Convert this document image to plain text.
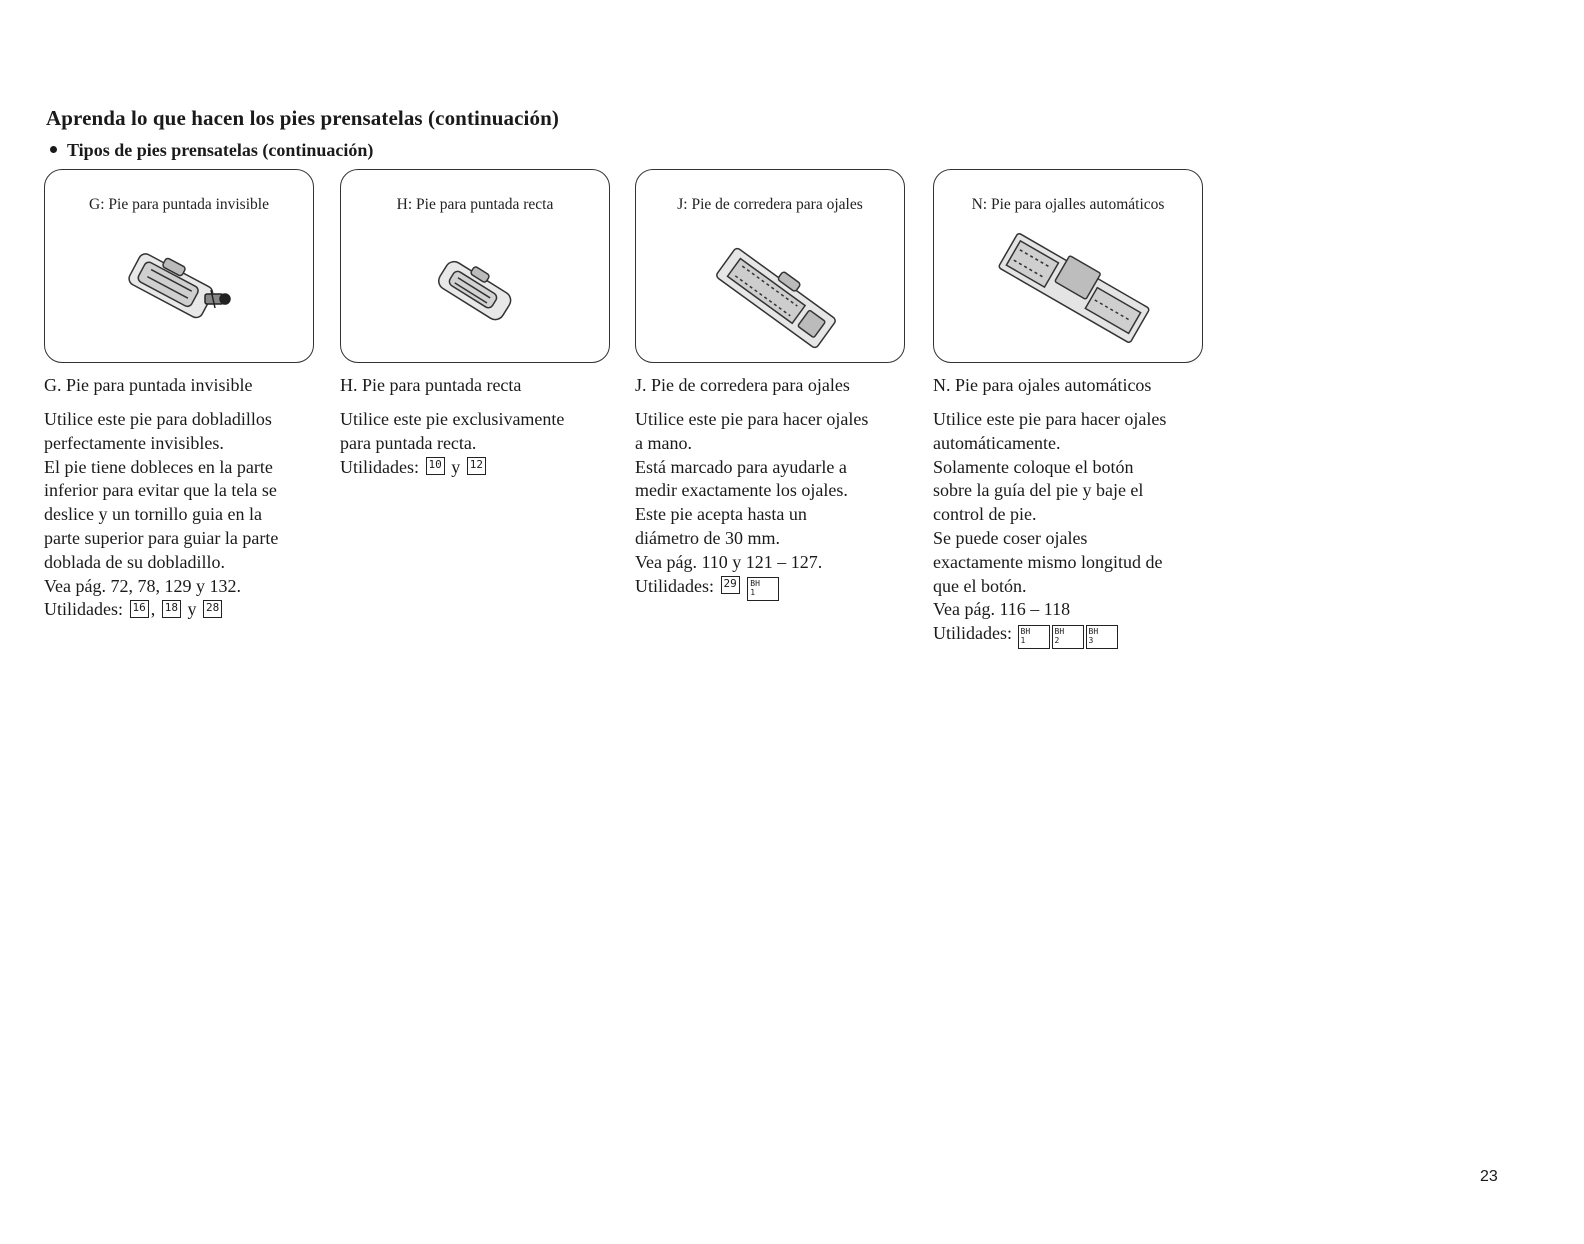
Aprenda lo que hacen los pies prensatelas (continuación)
Tipos de pies prensatelas (continuación)
G: Pie para puntada invisible
G. Pie para puntada invisible

Utilice este pie para dobladillos

perfectamente invisibles.

El pie tiene dobleces en la parte

inferior para evitar que la tela se

deslice y un tornillo guia en la

parte superior para guiar la parte

doblada de su dobladillo.

Vea pág. 72, 78, 129 y 132.

Utilidades: 16 , 18 y 28

H: Pie para puntada recta
H. Pie para puntada recta

Utilice este pie exclusivamente

para puntada recta.

Utilidades: 10 y 12

J: Pie de corredera para ojales
J. Pie de corredera para ojales

Utilice este pie para hacer ojales

a mano.

Está marcado para ayudarle a

medir exactamente los ojales.

Este pie acepta hasta un

diámetro de 30 mm.

Vea pág. 110 y 121 – 127.

Utilidades: 29 BH
1

N: Pie para ojalles automáticos
N. Pie para ojales automáticos

Utilice este pie para hacer ojales

automáticamente.

Solamente coloque el botón

sobre la guía del pie y baje el

control de pie.

Se puede coser ojales

exactamente mismo longitud de

que el botón.

Vea pág. 116 – 118

Utilidades: BH
1BH
2BH
3

23
